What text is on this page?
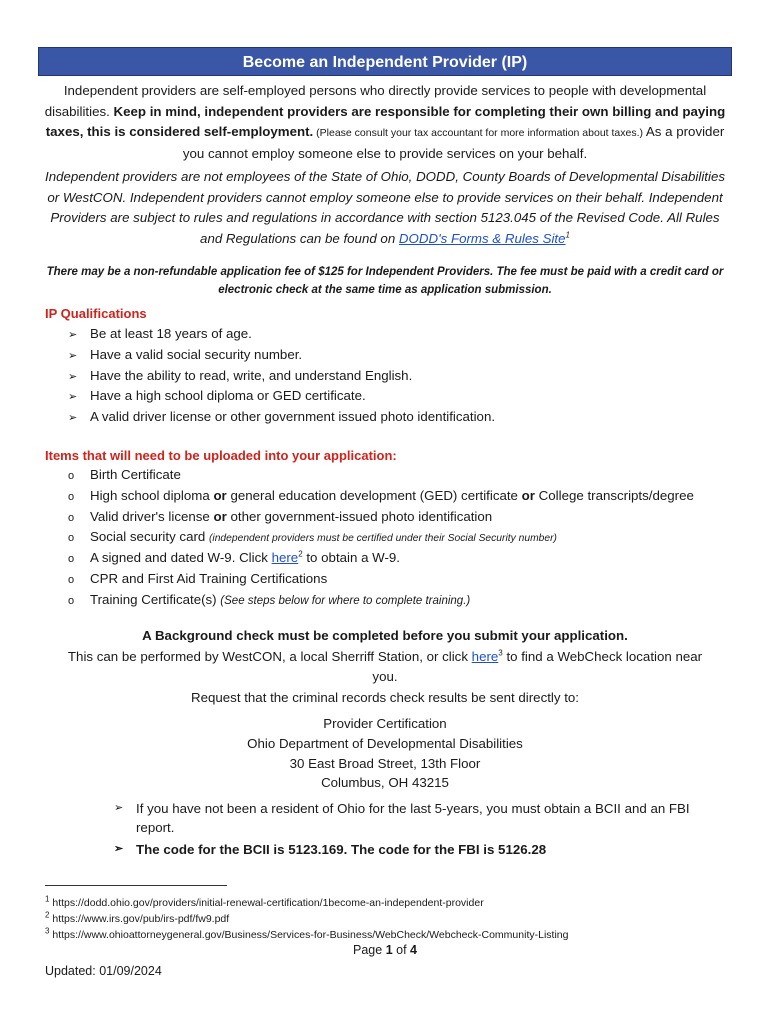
Become an Independent Provider (IP)
Independent providers are self-employed persons who directly provide services to people with developmental disabilities. Keep in mind, independent providers are responsible for completing their own billing and paying taxes, this is considered self-employment. (Please consult your tax accountant for more information about taxes.) As a provider you cannot employ someone else to provide services on your behalf.
Independent providers are not employees of the State of Ohio, DODD, County Boards of Developmental Disabilities or WestCON. Independent providers cannot employ someone else to provide services on their behalf. Independent Providers are subject to rules and regulations in accordance with section 5123.045 of the Revised Code. All Rules and Regulations can be found on DODD's Forms & Rules Site$^1$
There may be a non-refundable application fee of $125 for Independent Providers. The fee must be paid with a credit card or electronic check at the same time as application submission.
IP Qualifications
➢ Be at least 18 years of age.
➢ Have a valid social security number.
➢ Have the ability to read, write, and understand English.
➢ Have a high school diploma or GED certificate.
➢ A valid driver license or other government issued photo identification.
Items that will need to be uploaded into your application:
o Birth Certificate
o High school diploma or general education development (GED) certificate or College transcripts/degree
o Valid driver's license or other government-issued photo identification
o Social security card (independent providers must be certified under their Social Security number)
o A signed and dated W-9. Click here$^2$ to obtain a W-9.
o CPR and First Aid Training Certifications
o Training Certificate(s) (See steps below for where to complete training.)
A Background check must be completed before you submit your application.
This can be performed by WestCON, a local Sherriff Station, or click here$^3$ to find a WebCheck location near you.
Request that the criminal records check results be sent directly to:
Provider Certification
Ohio Department of Developmental Disabilities
30 East Broad Street, 13th Floor
Columbus, OH 43215
➢ If you have not been a resident of Ohio for the last 5-years, you must obtain a BCII and an FBI report.
➢ The code for the BCII is 5123.169. The code for the FBI is 5126.28
$^1$ https://dodd.ohio.gov/providers/initial-renewal-certification/1become-an-independent-provider
$^2$ https://www.irs.gov/pub/irs-pdf/fw9.pdf
$^3$ https://www.ohioattorneygeneral.gov/Business/Services-for-Business/WebCheck/Webcheck-Community-Listing
Page 1 of 4
Updated: 01/09/2024
